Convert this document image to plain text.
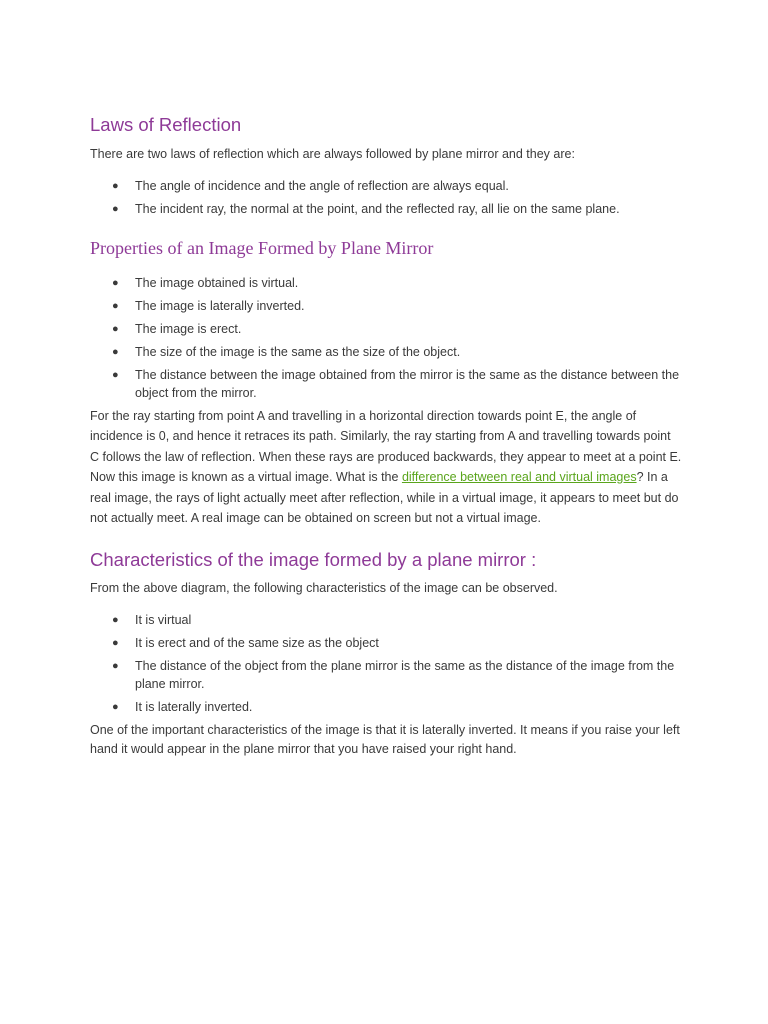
Laws of Reflection

There are two laws of reflection which are always followed by plane mirror and they are:

● The angle of incidence and the angle of reflection are always equal.
● The incident ray, the normal at the point, and the reflected ray, all lie on the same plane.
Properties of an Image Formed by Plane Mirror
● The image obtained is virtual.
● The image is laterally inverted.
● The image is erect.
● The size of the image is the same as the size of the object.
● The distance between the image obtained from the mirror is the same as the distance between the object from the mirror.

For the ray starting from point A and travelling in a horizontal direction towards point E, the angle of incidence is 0, and hence it retraces its path. Similarly, the ray starting from A and travelling towards point C follows the law of reflection. When these rays are produced backwards, they appear to meet at a point E. Now this image is known as a virtual image. What is the difference between real and virtual images? In a real image, the rays of light actually meet after reflection, while in a virtual image, it appears to meet but do not actually meet. A real image can be obtained on screen but not a virtual image.

Characteristics of the image formed by a plane mirror :

From the above diagram, the following characteristics of the image can be observed.

● It is virtual
● It is erect and of the same size as the object
● The distance of the object from the plane mirror is the same as the distance of the image from the plane mirror.
● It is laterally inverted.

One of the important characteristics of the image is that it is laterally inverted. It means if you raise your left hand it would appear in the plane mirror that you have raised your right hand.
